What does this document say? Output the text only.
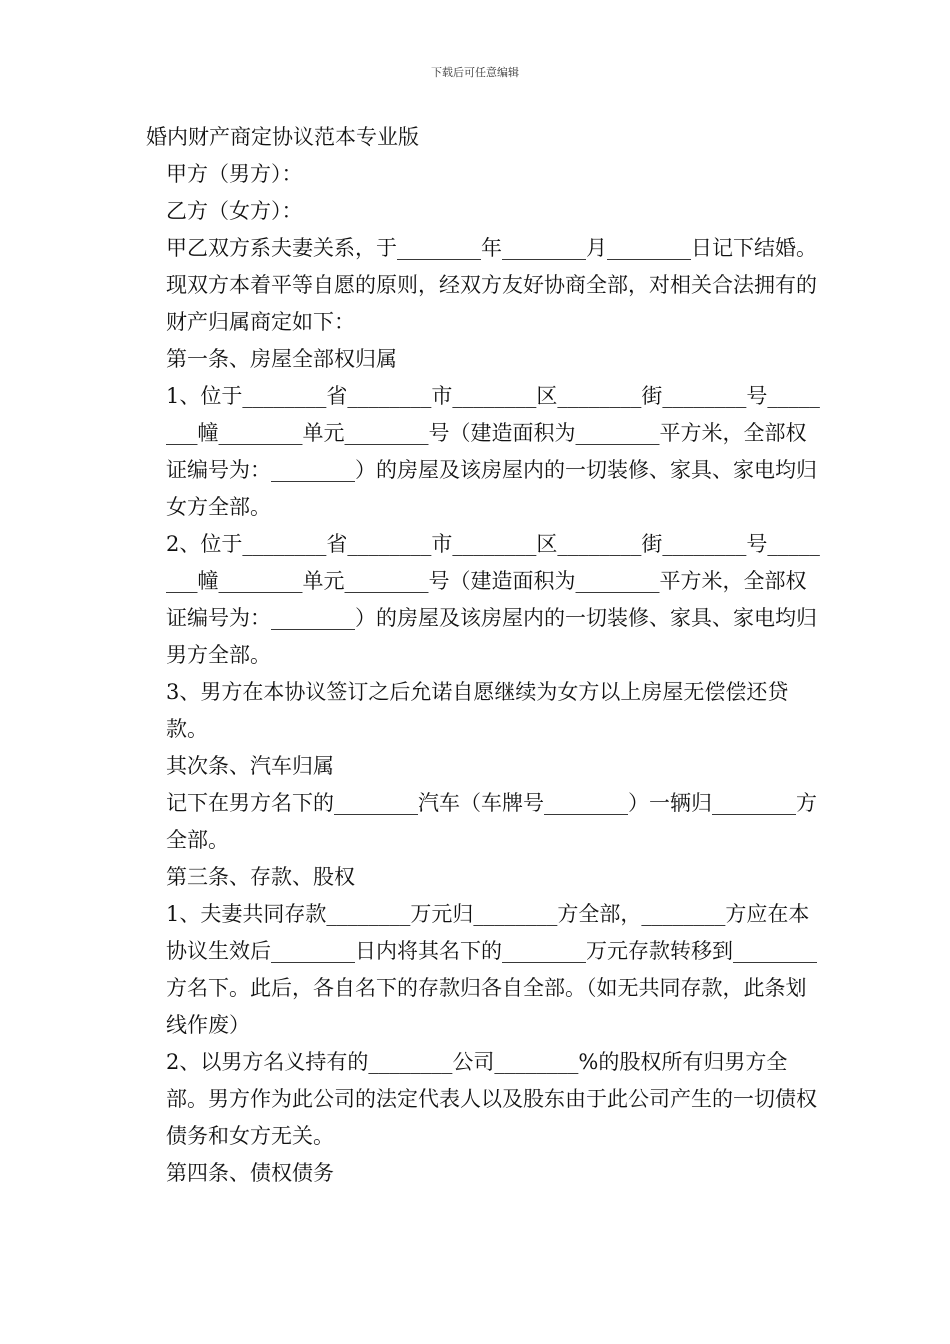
下载后可任意编辑

婚内财产商定协议范本专业版

甲方（男方）：

乙方（女方）：

甲乙双方系夫妻关系，于________年________月________日记下结婚。现双方本着平等自愿的原则，经双方友好协商全部，对相关合法拥有的财产归属商定如下：

第一条、房屋全部权归属

1、位于________省________市________区________街________号________幢________单元________号（建造面积为________平方米，全部权证编号为：________）的房屋及该房屋内的一切装修、家具、家电均归女方全部。

2、位于________省________市________区________街________号________幢________单元________号（建造面积为________平方米，全部权证编号为：________）的房屋及该房屋内的一切装修、家具、家电均归男方全部。

3、男方在本协议签订之后允诺自愿继续为女方以上房屋无偿偿还贷款。

其次条、汽车归属

记下在男方名下的________汽车（车牌号________）一辆归________方全部。

第三条、存款、股权

1、夫妻共同存款________万元归________方全部，________方应在本协议生效后________日内将其名下的________万元存款转移到________方名下。此后，各自名下的存款归各自全部。（如无共同存款，此条划线作废）

2、以男方名义持有的________公司________%的股权所有归男方全部。男方作为此公司的法定代表人以及股东由于此公司产生的一切债权债务和女方无关。

第四条、债权债务
